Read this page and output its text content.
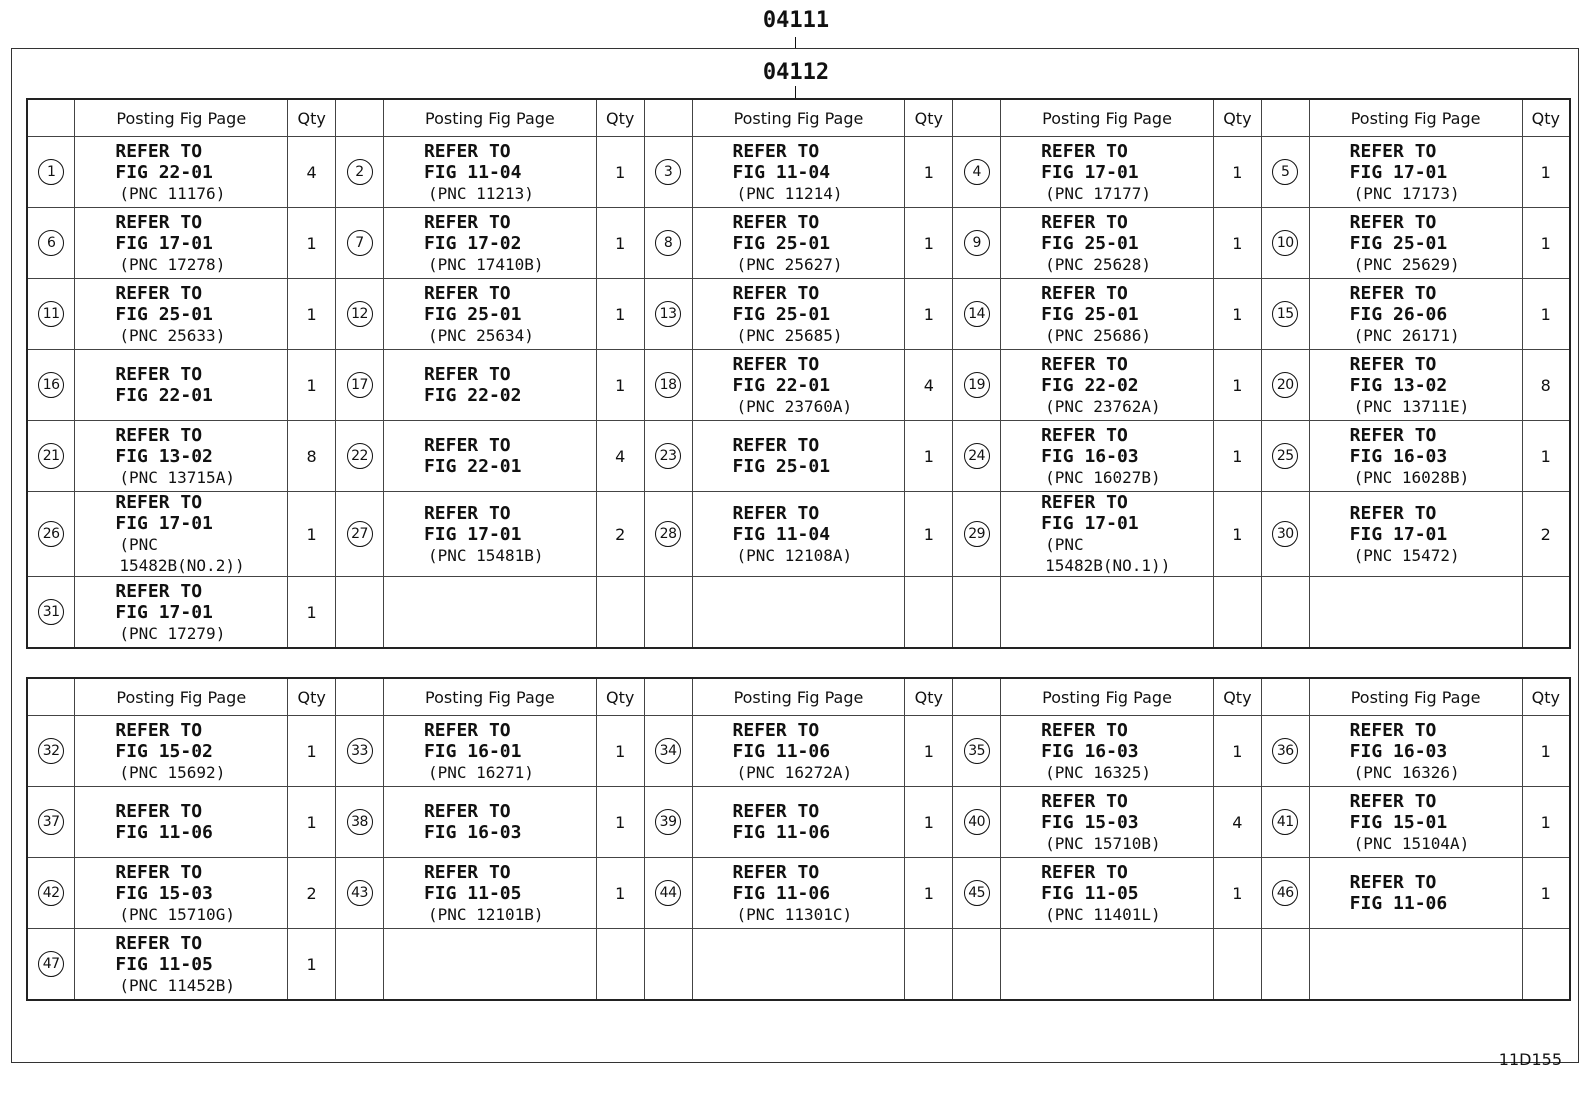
04111
04112
	Posting Fig Page	Qty		Posting Fig Page	Qty		Posting Fig Page	Qty		Posting Fig Page	Qty		Posting Fig Page	Qty
1	REFER TO
FIG 22-01
(PNC 11176)	4	2	REFER TO
FIG 11-04
(PNC 11213)	1	3	REFER TO
FIG 11-04
(PNC 11214)	1	4	REFER TO
FIG 17-01
(PNC 17177)	1	5	REFER TO
FIG 17-01
(PNC 17173)	1
6	REFER TO
FIG 17-01
(PNC 17278)	1	7	REFER TO
FIG 17-02
(PNC 17410B)	1	8	REFER TO
FIG 25-01
(PNC 25627)	1	9	REFER TO
FIG 25-01
(PNC 25628)	1	10	REFER TO
FIG 25-01
(PNC 25629)	1
11	REFER TO
FIG 25-01
(PNC 25633)	1	12	REFER TO
FIG 25-01
(PNC 25634)	1	13	REFER TO
FIG 25-01
(PNC 25685)	1	14	REFER TO
FIG 25-01
(PNC 25686)	1	15	REFER TO
FIG 26-06
(PNC 26171)	1
16	REFER TO
FIG 22-01	1	17	REFER TO
FIG 22-02	1	18	REFER TO
FIG 22-01
(PNC 23760A)	4	19	REFER TO
FIG 22-02
(PNC 23762A)	1	20	REFER TO
FIG 13-02
(PNC 13711E)	8
21	REFER TO
FIG 13-02
(PNC 13715A)	8	22	REFER TO
FIG 22-01	4	23	REFER TO
FIG 25-01	1	24	REFER TO
FIG 16-03
(PNC 16027B)	1	25	REFER TO
FIG 16-03
(PNC 16028B)	1
26	REFER TO
FIG 17-01
(PNC 15482B(NO.2))	1	27	REFER TO
FIG 17-01
(PNC 15481B)	2	28	REFER TO
FIG 11-04
(PNC 12108A)	1	29	REFER TO
FIG 17-01
(PNC 15482B(NO.1))	1	30	REFER TO
FIG 17-01
(PNC 15472)	2
31	REFER TO
FIG 17-01
(PNC 17279)	1												
	Posting Fig Page	Qty		Posting Fig Page	Qty		Posting Fig Page	Qty		Posting Fig Page	Qty		Posting Fig Page	Qty
32	REFER TO
FIG 15-02
(PNC 15692)	1	33	REFER TO
FIG 16-01
(PNC 16271)	1	34	REFER TO
FIG 11-06
(PNC 16272A)	1	35	REFER TO
FIG 16-03
(PNC 16325)	1	36	REFER TO
FIG 16-03
(PNC 16326)	1
37	REFER TO
FIG 11-06	1	38	REFER TO
FIG 16-03	1	39	REFER TO
FIG 11-06	1	40	REFER TO
FIG 15-03
(PNC 15710B)	4	41	REFER TO
FIG 15-01
(PNC 15104A)	1
42	REFER TO
FIG 15-03
(PNC 15710G)	2	43	REFER TO
FIG 11-05
(PNC 12101B)	1	44	REFER TO
FIG 11-06
(PNC 11301C)	1	45	REFER TO
FIG 11-05
(PNC 11401L)	1	46	REFER TO
FIG 11-06	1
47	REFER TO
FIG 11-05
(PNC 11452B)	1												
11D155
